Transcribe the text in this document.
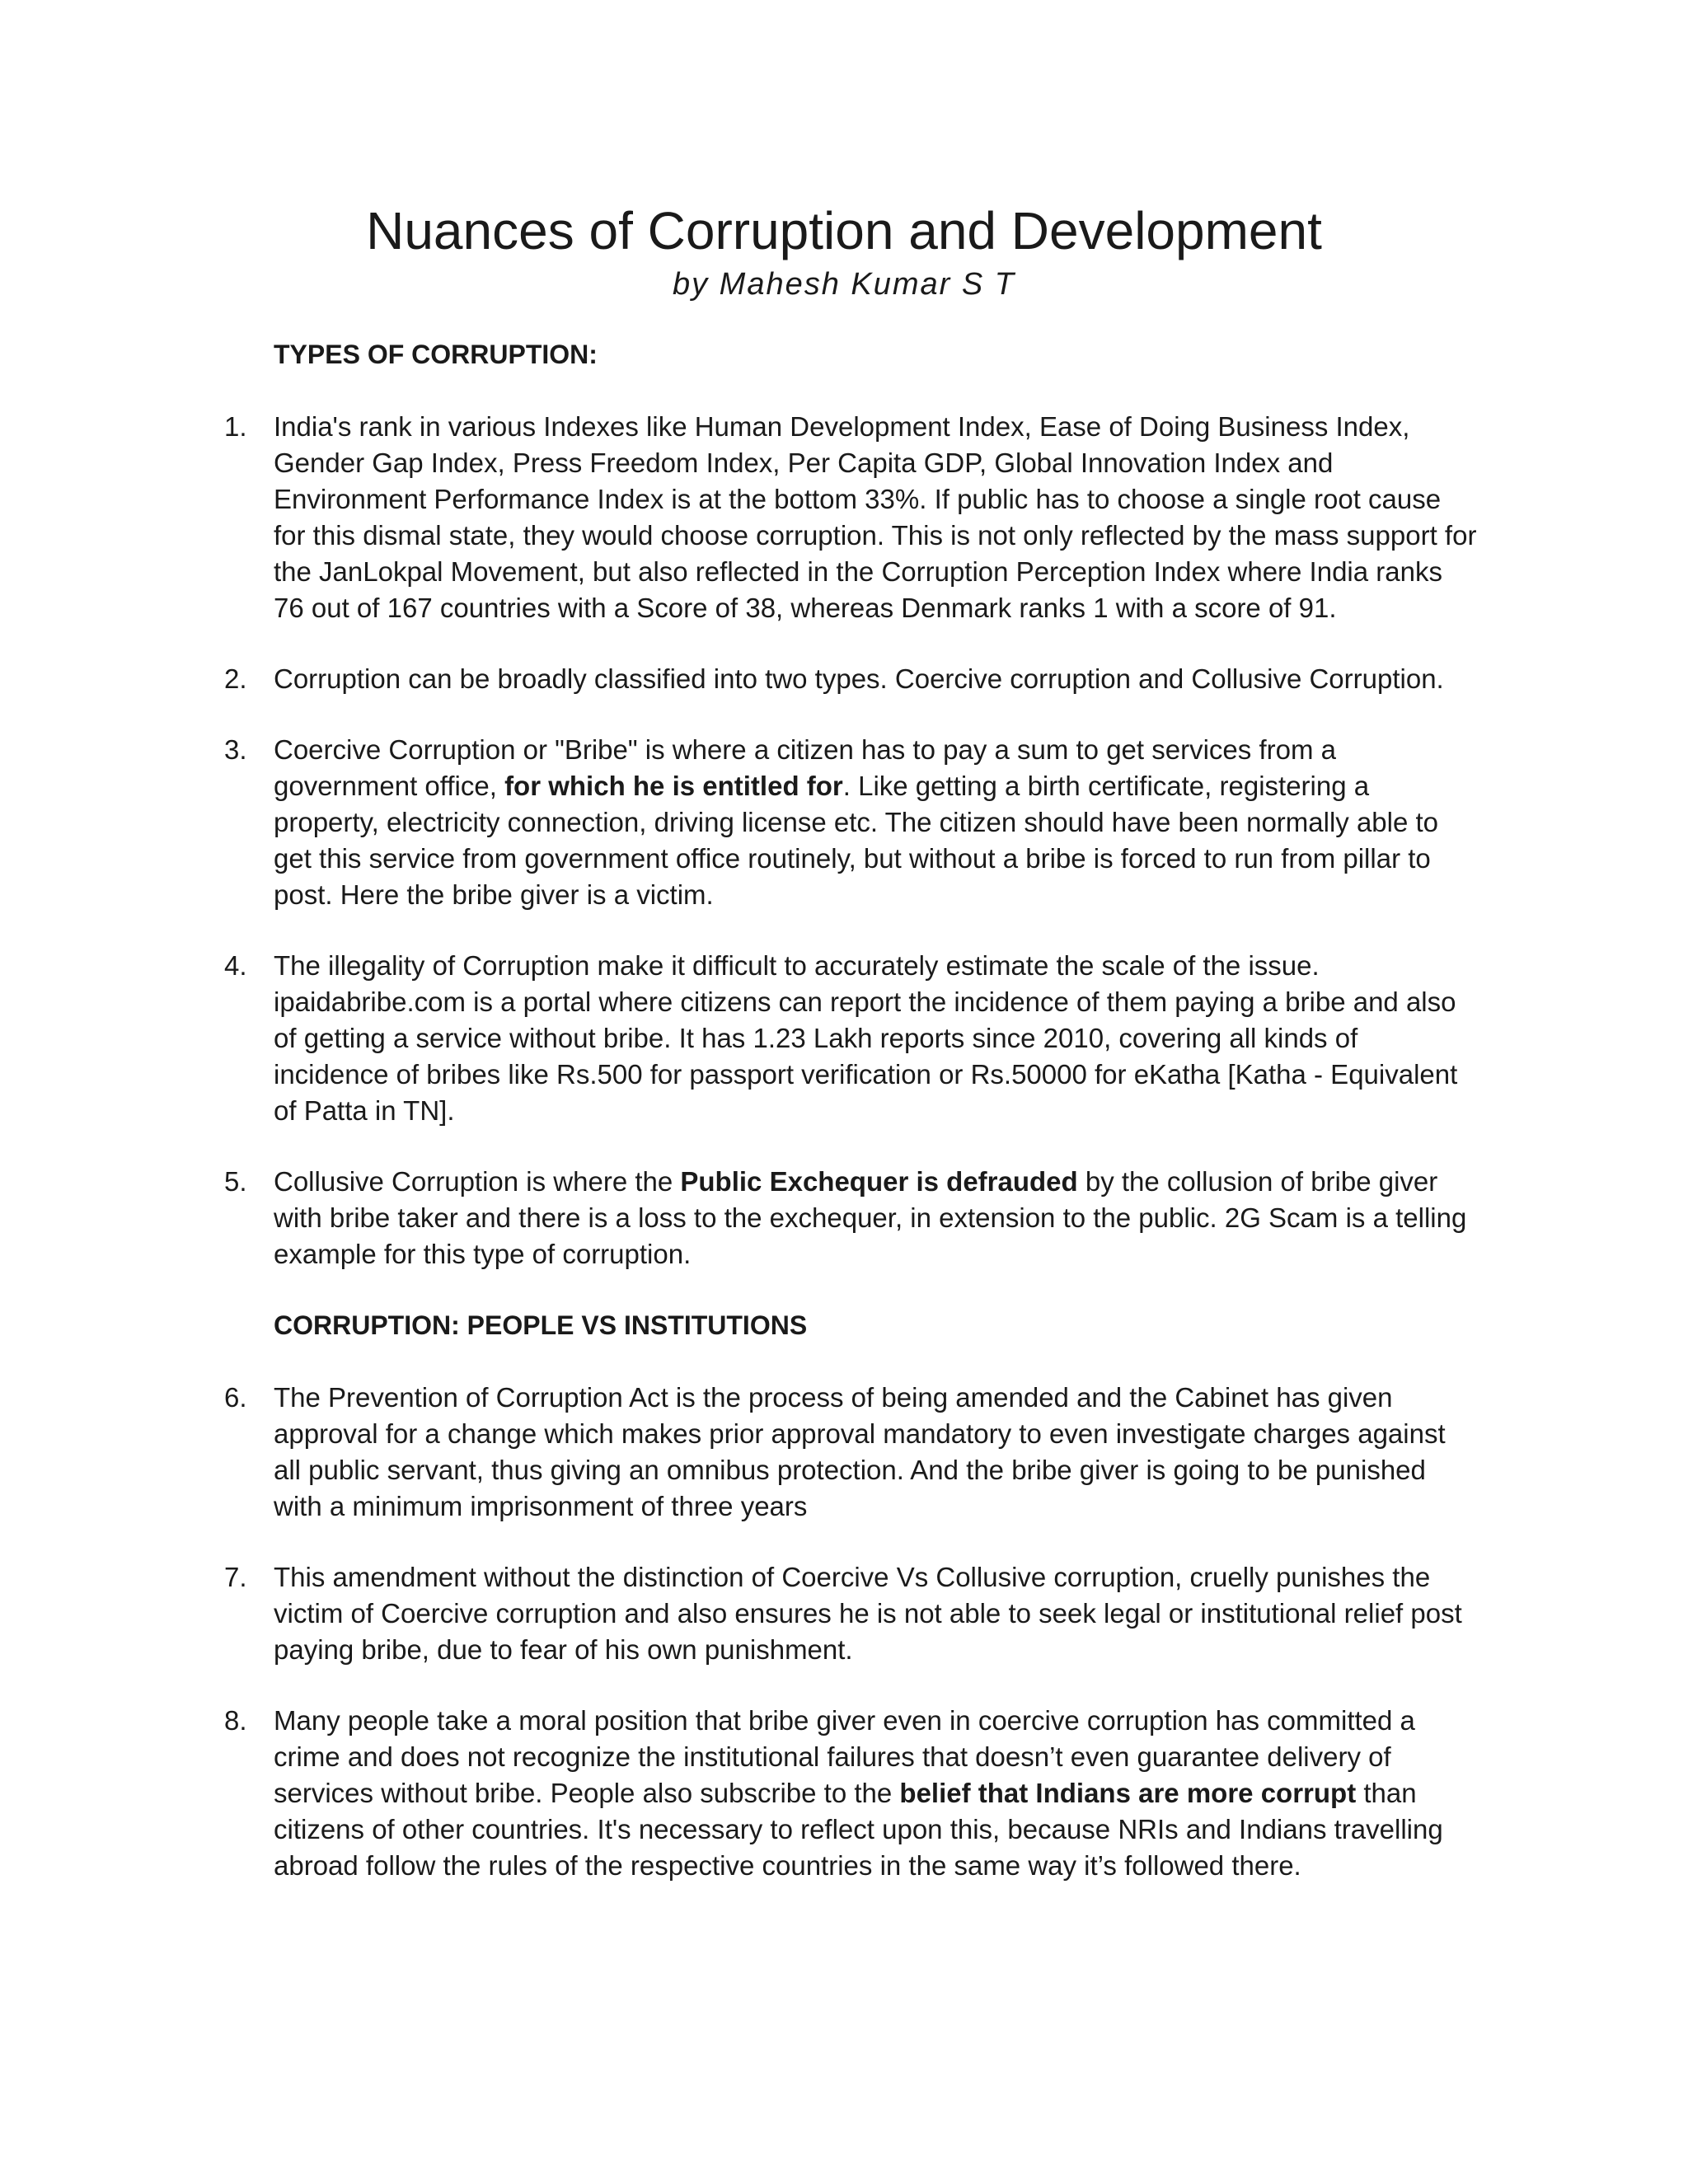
Nuances of Corruption and Development
by Mahesh Kumar S T
TYPES OF CORRUPTION:
1. India's rank in various Indexes like Human Development Index, Ease of Doing Business Index, Gender Gap Index, Press Freedom Index, Per Capita GDP, Global Innovation Index and Environment Performance Index is at the bottom 33%. If public has to choose a single root cause for this dismal state, they would choose corruption. This is not only reflected by the mass support for the JanLokpal Movement, but also reflected in the Corruption Perception Index where India ranks 76 out of 167 countries with a Score of 38, whereas Denmark ranks 1 with a score of 91.

2. Corruption can be broadly classified into two types. Coercive corruption and Collusive Corruption.

3. Coercive Corruption or "Bribe" is where a citizen has to pay a sum to get services from a government office, for which he is entitled for. Like getting a birth certificate, registering a property, electricity connection, driving license etc. The citizen should have been normally able to get this service from government office routinely, but without a bribe is forced to run from pillar to post. Here the bribe giver is a victim.

4. The illegality of Corruption make it difficult to accurately estimate the scale of the issue. ipaidabribe.com is a portal where citizens can report the incidence of them paying a bribe and also of getting a service without bribe. It has 1.23 Lakh reports since 2010, covering all kinds of incidence of bribes like Rs.500 for passport verification or Rs.50000 for eKatha [Katha - Equivalent of Patta in TN].

5. Collusive Corruption is where the Public Exchequer is defrauded by the collusion of bribe giver with bribe taker and there is a loss to the exchequer, in extension to the public. 2G Scam is a telling example for this type of corruption.

CORRUPTION: PEOPLE VS INSTITUTIONS
6. The Prevention of Corruption Act is the process of being amended and the Cabinet has given approval for a change which makes prior approval mandatory to even investigate charges against all public servant, thus giving an omnibus protection. And the bribe giver is going to be punished with a minimum imprisonment of three years

7. This amendment without the distinction of Coercive Vs Collusive corruption, cruelly punishes the victim of Coercive corruption and also ensures he is not able to seek legal or institutional relief post paying bribe, due to fear of his own punishment.

8. Many people take a moral position that bribe giver even in coercive corruption has committed a crime and does not recognize the institutional failures that doesn’t even guarantee delivery of services without bribe. People also subscribe to the belief that Indians are more corrupt than citizens of other countries. It's necessary to reflect upon this, because NRIs and Indians travelling abroad follow the rules of the respective countries in the same way it’s followed there.
